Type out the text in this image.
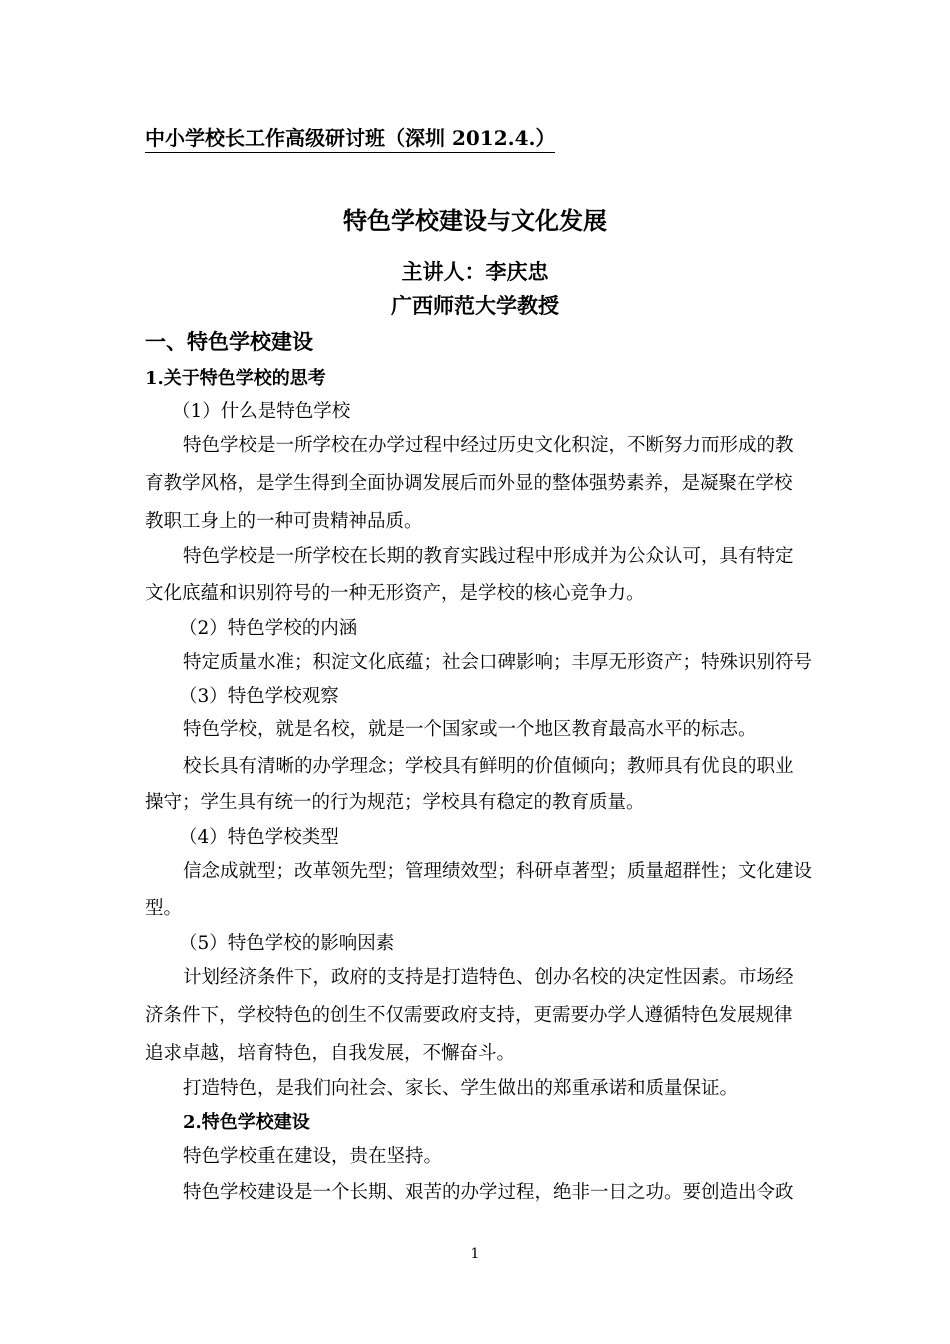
中小学校长工作高级研讨班（深圳 2012.4.）
特色学校建设与文化发展
主讲人：李庆忠
广西师范大学教授
一、特色学校建设
1.关于特色学校的思考
（1）什么是特色学校
特色学校是一所学校在办学过程中经过历史文化积淀，不断努力而形成的教
育教学风格，是学生得到全面协调发展后而外显的整体强势素养，是凝聚在学校
教职工身上的一种可贵精神品质。
特色学校是一所学校在长期的教育实践过程中形成并为公众认可，具有特定
文化底蕴和识别符号的一种无形资产，是学校的核心竞争力。
（2）特色学校的内涵
特定质量水准；积淀文化底蕴；社会口碑影响；丰厚无形资产；特殊识别符号
（3）特色学校观察
特色学校，就是名校，就是一个国家或一个地区教育最高水平的标志。
校长具有清晰的办学理念；学校具有鲜明的价值倾向；教师具有优良的职业
操守；学生具有统一的行为规范；学校具有稳定的教育质量。
（4）特色学校类型
信念成就型；改革领先型；管理绩效型；科研卓著型；质量超群性；文化建设
型。
（5）特色学校的影响因素
计划经济条件下，政府的支持是打造特色、创办名校的决定性因素。市场经
济条件下，学校特色的创生不仅需要政府支持，更需要办学人遵循特色发展规律
追求卓越，培育特色，自我发展，不懈奋斗。
打造特色，是我们向社会、家长、学生做出的郑重承诺和质量保证。
2.特色学校建设
特色学校重在建设，贵在坚持。
特色学校建设是一个长期、艰苦的办学过程，绝非一日之功。要创造出令政
1
